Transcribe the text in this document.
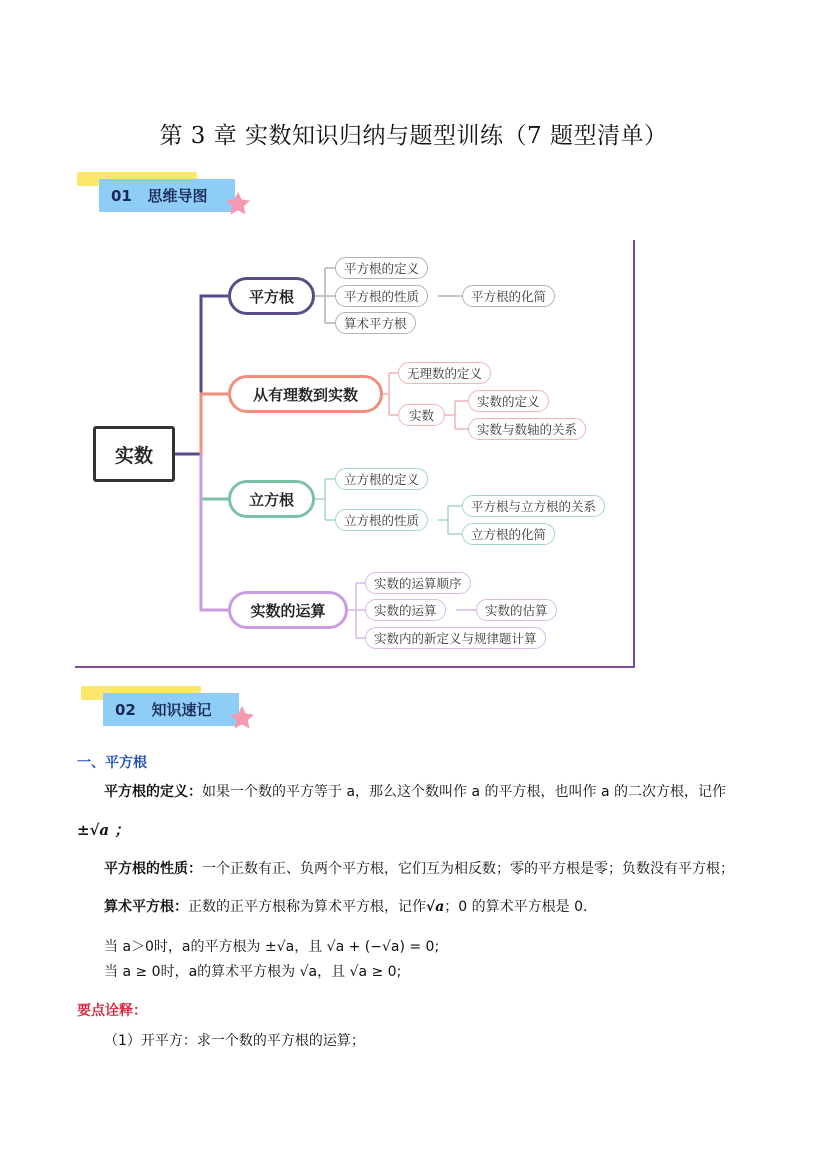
第 3 章 实数知识归纳与题型训练（7 题型清单）
01 思维导图
实数
平方根
平方根的定义
平方根的性质
算术平方根
平方根的化简
从有理数到实数
无理数的定义
实数
实数的定义
实数与数轴的关系
立方根
立方根的定义
立方根的性质
平方根与立方根的关系
立方根的化简
实数的运算
实数的运算顺序
实数的运算
实数内的新定义与规律题计算
实数的估算
02 知识速记
一、平方根
平方根的定义：如果一个数的平方等于 a，那么这个数叫作 a 的平方根，也叫作 a 的二次方根，记作
±√a ；
平方根的性质：一个正数有正、负两个平方根，它们互为相反数；零的平方根是零；负数没有平方根；
算术平方根：正数的正平方根称为算术平方根，记作√a；0 的算术平方根是 0.
当 a＞0时，a的平方根为 ±√a，且 √a + (−√a) = 0;
当 a ≥ 0时，a的算术平方根为 √a，且 √a ≥ 0;
要点诠释：
（1）开平方：求一个数的平方根的运算；
